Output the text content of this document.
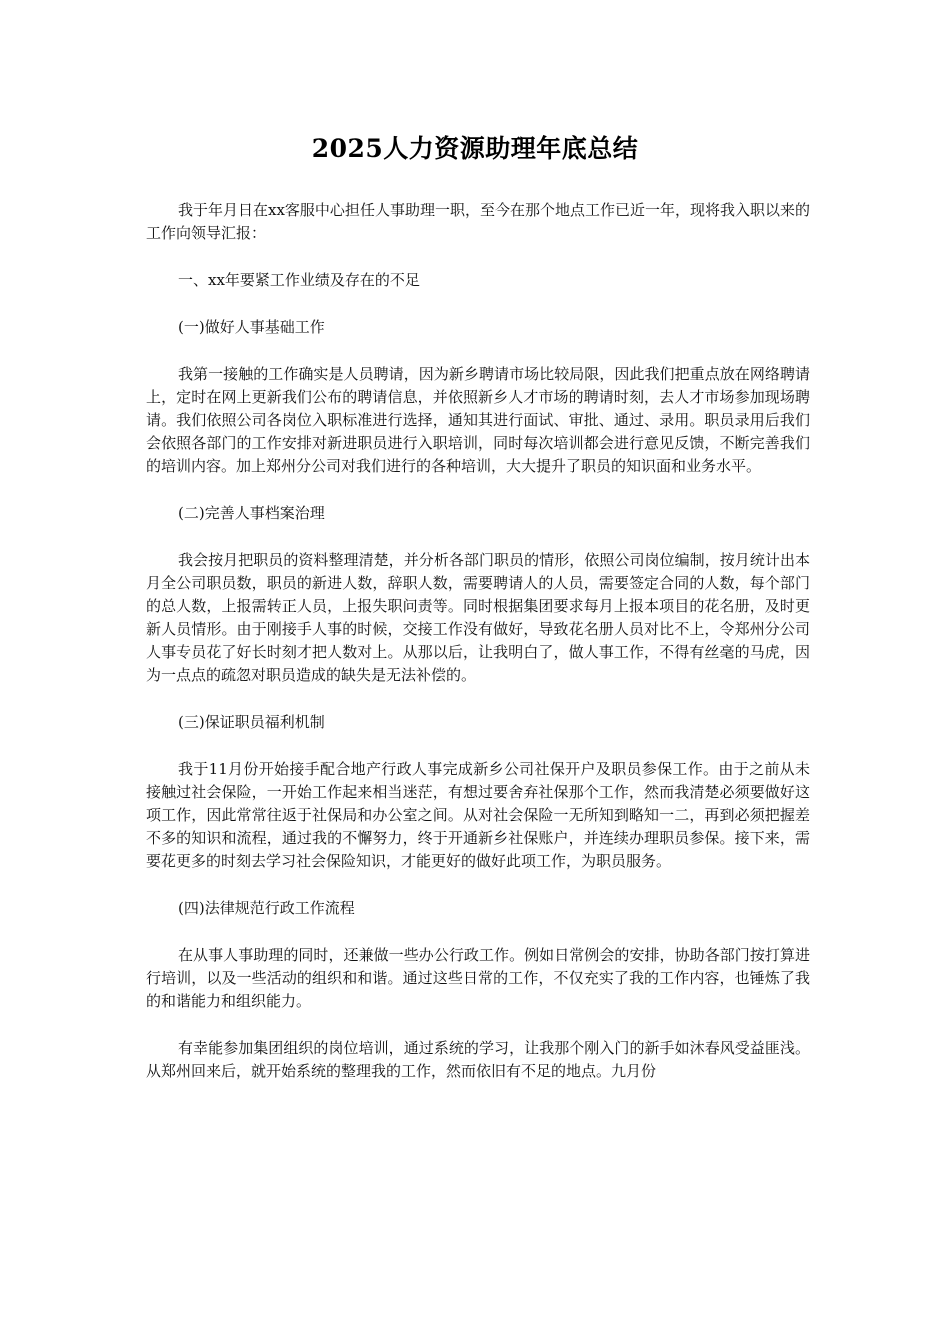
2025人力资源助理年底总结

我于年月日在xx客服中心担任人事助理一职，至今在那个地点工作已近一年，现将我入职以来的工作向领导汇报：

一、xx年要紧工作业绩及存在的不足

(一)做好人事基础工作

我第一接触的工作确实是人员聘请，因为新乡聘请市场比较局限，因此我们把重点放在网络聘请上，定时在网上更新我们公布的聘请信息，并依照新乡人才市场的聘请时刻，去人才市场参加现场聘请。我们依照公司各岗位入职标准进行选择，通知其进行面试、审批、通过、录用。职员录用后我们会依照各部门的工作安排对新进职员进行入职培训，同时每次培训都会进行意见反馈，不断完善我们的培训内容。加上郑州分公司对我们进行的各种培训，大大提升了职员的知识面和业务水平。

(二)完善人事档案治理

我会按月把职员的资料整理清楚，并分析各部门职员的情形，依照公司岗位编制，按月统计出本月全公司职员数，职员的新进人数，辞职人数，需要聘请人的人员，需要签定合同的人数，每个部门的总人数，上报需转正人员，上报失职问责等。同时根据集团要求每月上报本项目的花名册，及时更新人员情形。由于刚接手人事的时候，交接工作没有做好，导致花名册人员对比不上，令郑州分公司人事专员花了好长时刻才把人数对上。从那以后，让我明白了，做人事工作，不得有丝毫的马虎，因为一点点的疏忽对职员造成的缺失是无法补偿的。

(三)保证职员福利机制

我于11月份开始接手配合地产行政人事完成新乡公司社保开户及职员参保工作。由于之前从未接触过社会保险，一开始工作起来相当迷茫，有想过要舍弃社保那个工作，然而我清楚必须要做好这项工作，因此常常往返于社保局和办公室之间。从对社会保险一无所知到略知一二，再到必须把握差不多的知识和流程，通过我的不懈努力，终于开通新乡社保账户，并连续办理职员参保。接下来，需要花更多的时刻去学习社会保险知识，才能更好的做好此项工作，为职员服务。

(四)法律规范行政工作流程

在从事人事助理的同时，还兼做一些办公行政工作。例如日常例会的安排，协助各部门按打算进行培训，以及一些活动的组织和和谐。通过这些日常的工作，不仅充实了我的工作内容，也锤炼了我的和谐能力和组织能力。

有幸能参加集团组织的岗位培训，通过系统的学习，让我那个刚入门的新手如沐春风受益匪浅。从郑州回来后，就开始系统的整理我的工作，然而依旧有不足的地点。九月份
